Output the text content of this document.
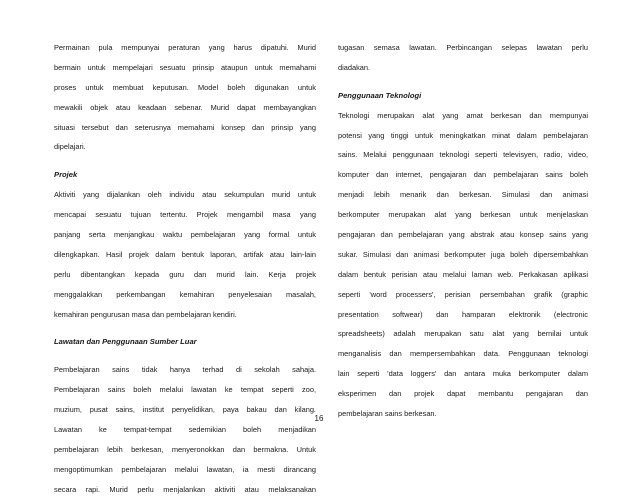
Permainan pula mempunyai peraturan yang harus dipatuhi. Murid
bermain untuk mempelajari sesuatu prinsip ataupun untuk memahami
proses untuk membuat keputusan. Model boleh digunakan untuk
mewakili objek atau keadaan sebenar. Murid dapat membayangkan
situasi tersebut dan seterusnya memahami konsep dan prinsip yang
dipelajari.
Projek
Aktiviti yang dijalankan oleh individu atau sekumpulan murid untuk
mencapai sesuatu tujuan tertentu. Projek mengambil masa yang
panjang serta menjangkau waktu pembelajaran yang formal untuk
dilengkapkan. Hasil projek dalam bentuk laporan, artifak atau lain-lain
perlu dibentangkan kepada guru dan murid lain. Kerja projek
menggalakkan perkembangan kemahiran penyelesaian masalah,
kemahiran pengurusan masa dan pembelajaran kendiri.
Lawatan dan Penggunaan Sumber Luar
Pembelajaran sains tidak hanya terhad di sekolah sahaja.
Pembelajaran sains boleh melalui lawatan ke tempat seperti zoo,
muzium, pusat sains, institut penyelidikan, paya bakau dan kilang.
Lawatan ke tempat-tempat sedemikian boleh menjadikan
pembelajaran lebih berkesan, menyeronokkan dan bermakna. Untuk
mengoptimumkan pembelajaran melalui lawatan, ia mesti dirancang
secara rapi. Murid perlu menjalankan aktiviti atau melaksanakan
tugasan semasa lawatan. Perbincangan selepas lawatan perlu
diadakan.
Penggunaan Teknologi
Teknologi merupakan alat yang amat berkesan dan mempunyai
potensi yang tinggi untuk meningkatkan minat dalam pembelajaran
sains. Melalui penggunaan teknologi seperti televisyen, radio, video,
komputer dan internet, pengajaran dan pembelajaran sains boleh
menjadi lebih menarik dan berkesan. Simulasi dan animasi
berkomputer merupakan alat yang berkesan untuk menjelaskan
pengajaran dan pembelajaran yang abstrak atau konsep sains yang
sukar. Simulasi dan animasi berkomputer juga boleh dipersembahkan
dalam bentuk perisian atau melalui laman web. Perkakasan aplikasi
seperti 'word processers', perisian persembahan grafik (graphic
presentation softwear) dan hamparan elektronik (electronic
spreadsheets) adalah merupakan satu alat yang bernilai untuk
menganalisis dan mempersembahkan data. Penggunaan teknologi
lain seperti 'data loggers' dan antara muka berkomputer dalam
eksperimen dan projek dapat membantu pengajaran dan
pembelajaran sains berkesan.
16
